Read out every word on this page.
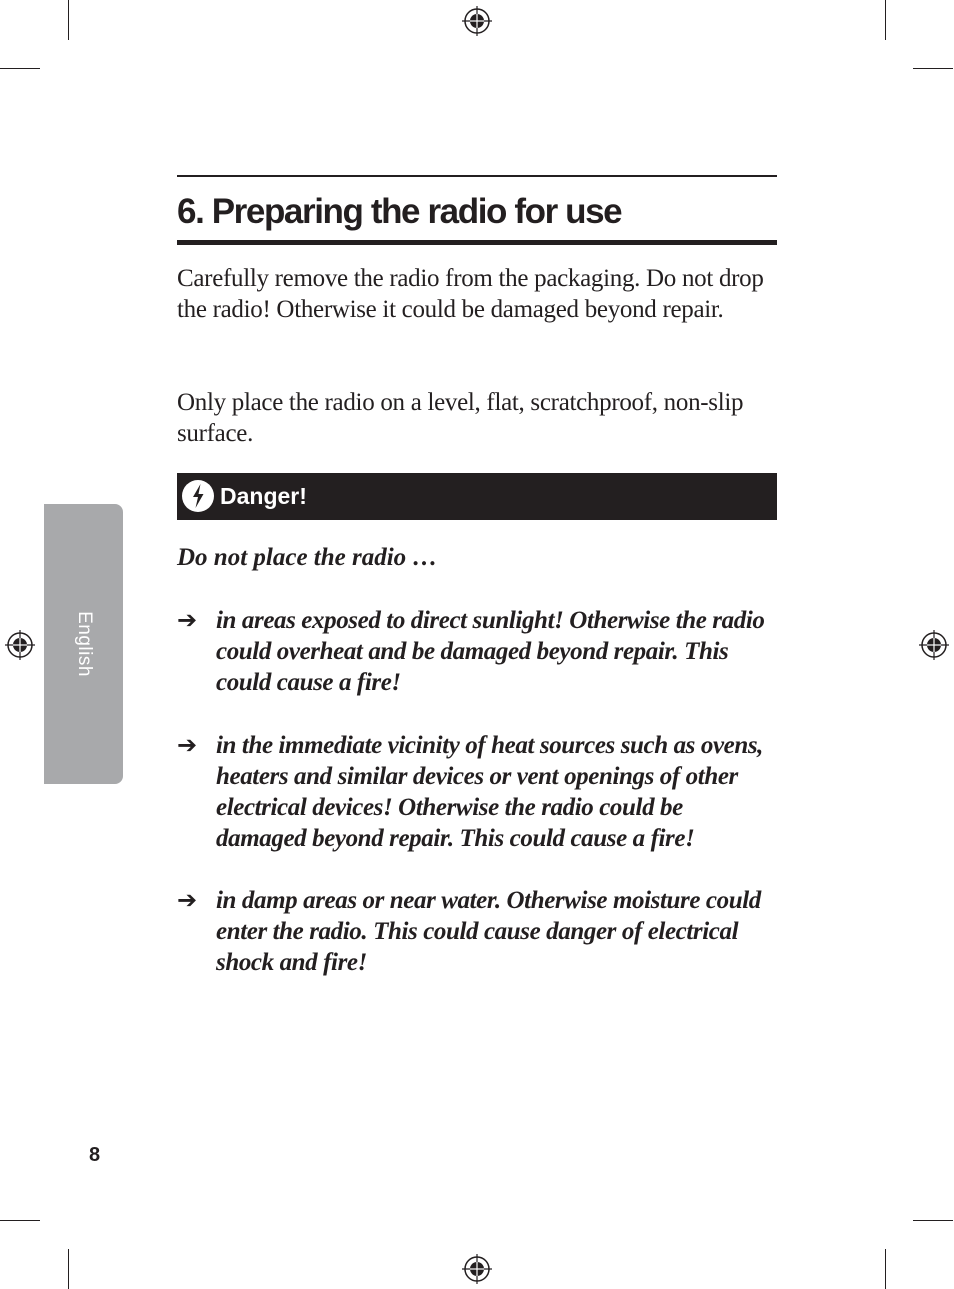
English
6. Preparing the radio for use

Carefully remove the radio from the packaging. Do not drop the radio! Otherwise it could be damaged beyond repair.

Only place the radio on a level, flat, scratchproof, non-slip surface.

Danger!

Do not place the radio …

➔ in areas exposed to direct sunlight! Otherwise the radio could overheat and be damaged beyond repair. This could cause a fire!

➔ in the immediate vicinity of heat sources such as ovens, heaters and similar devices or vent openings of other electrical devices! Otherwise the radio could be damaged beyond repair. This could cause a fire!

➔ in damp areas or near water. Otherwise moisture could enter the radio. This could cause danger of electrical shock and fire!

8
